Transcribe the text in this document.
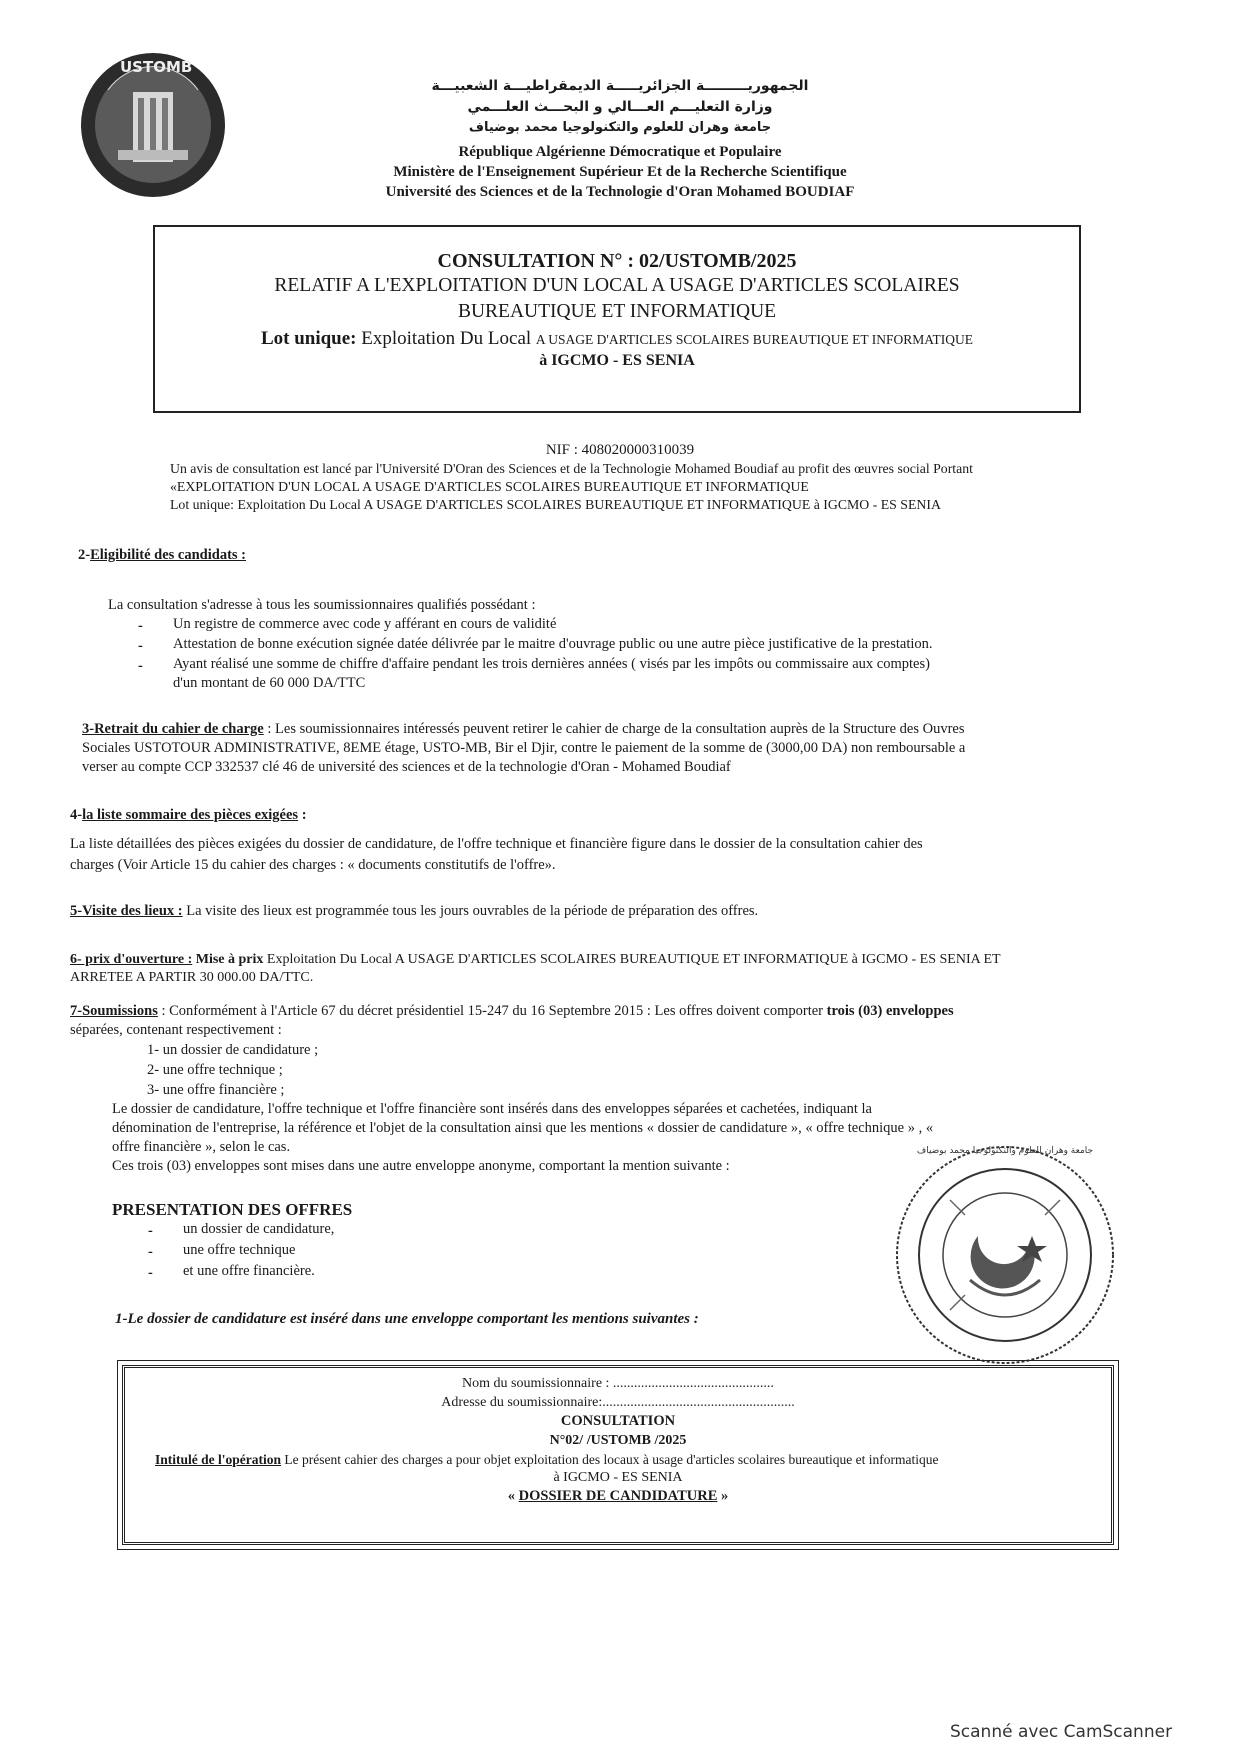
USTOMB
الجمهوريـــــــــة الجزائريـــــة الديمقراطيـــة الشعبيـــة
وزارة التعليـــم العـــالي و البحـــث العلـــمي
جامعة وهران للعلوم والتكنولوجيا محمد بوضياف
République Algérienne Démocratique et Populaire
Ministère de l'Enseignement Supérieur Et de la Recherche Scientifique
Université des Sciences et de la Technologie d'Oran Mohamed BOUDIAF
CONSULTATION N° : 02/USTOMB/2025
RELATIF A L'EXPLOITATION D'UN LOCAL A USAGE D'ARTICLES SCOLAIRES
BUREAUTIQUE ET INFORMATIQUE
Lot unique: Exploitation Du Local A USAGE D'ARTICLES SCOLAIRES BUREAUTIQUE ET INFORMATIQUE
à IGCMO - ES SENIA
NIF : 408020000310039
Un avis de consultation est lancé par l'Université D'Oran des Sciences et de la Technologie Mohamed Boudiaf au profit des œuvres social Portant
«EXPLOITATION D'UN LOCAL A USAGE D'ARTICLES SCOLAIRES BUREAUTIQUE ET INFORMATIQUE
Lot unique: Exploitation Du Local A USAGE D'ARTICLES SCOLAIRES BUREAUTIQUE ET INFORMATIQUE à IGCMO - ES SENIA
2-Eligibilité des candidats :
La consultation s'adresse à tous les soumissionnaires qualifiés possédant :
- Un registre de commerce avec code y afférant en cours de validité
- Attestation de bonne exécution signée datée délivrée par le maitre d'ouvrage public ou une autre pièce justificative de la prestation.
- Ayant réalisé une somme de chiffre d'affaire pendant les trois dernières années ( visés par les impôts ou commissaire aux comptes)
d'un montant de 60 000 DA/TTC
3-Retrait du cahier de charge : Les soumissionnaires intéressés peuvent retirer le cahier de charge de la consultation auprès de la Structure des Ouvres
Sociales USTOTOUR ADMINISTRATIVE, 8EME étage, USTO-MB, Bir el Djir, contre le paiement de la somme de (3000,00 DA) non remboursable a
verser au compte CCP 332537 clé 46 de université des sciences et de la technologie d'Oran - Mohamed Boudiaf
4-la liste sommaire des pièces exigées :
La liste détaillées des pièces exigées du dossier de candidature, de l'offre technique et financière figure dans le dossier de la consultation cahier des
charges (Voir Article 15 du cahier des charges : « documents constitutifs de l'offre».
5-Visite des lieux : La visite des lieux est programmée tous les jours ouvrables de la période de préparation des offres.
6- prix d'ouverture : Mise à prix Exploitation Du Local A USAGE D'ARTICLES SCOLAIRES BUREAUTIQUE ET INFORMATIQUE à IGCMO - ES SENIA ET
ARRETEE A PARTIR 30 000.00 DA/TTC.
7-Soumissions : Conformément à l'Article 67 du décret présidentiel 15-247 du 16 Septembre 2015 : Les offres doivent comporter trois (03) enveloppes
séparées, contenant respectivement :
1- un dossier de candidature ;
2- une offre technique ;
3- une offre financière ;
Le dossier de candidature, l'offre technique et l'offre financière sont insérés dans des enveloppes séparées et cachetées, indiquant la
dénomination de l'entreprise, la référence et l'objet de la consultation ainsi que les mentions « dossier de candidature », « offre technique » , «
offre financière », selon le cas.
Ces trois (03) enveloppes sont mises dans une autre enveloppe anonyme, comportant la mention suivante :
PRESENTATION DES OFFRES
- un dossier de candidature,
- une offre technique
- et une offre financière.
1-Le dossier de candidature est inséré dans une enveloppe comportant les mentions suivantes :
جامعة وهران للعلوم والتكنولوجيا محمد بوضياف
Nom du soumissionnaire : ..............................................
Adresse du soumissionnaire:.......................................................
CONSULTATION
N°02/ /USTOMB /2025
Intitulé de l'opération Le présent cahier des charges a pour objet exploitation des locaux à usage d'articles scolaires bureautique et informatique
à IGCMO - ES SENIA
« DOSSIER DE CANDIDATURE »
Scanné avec CamScanner
